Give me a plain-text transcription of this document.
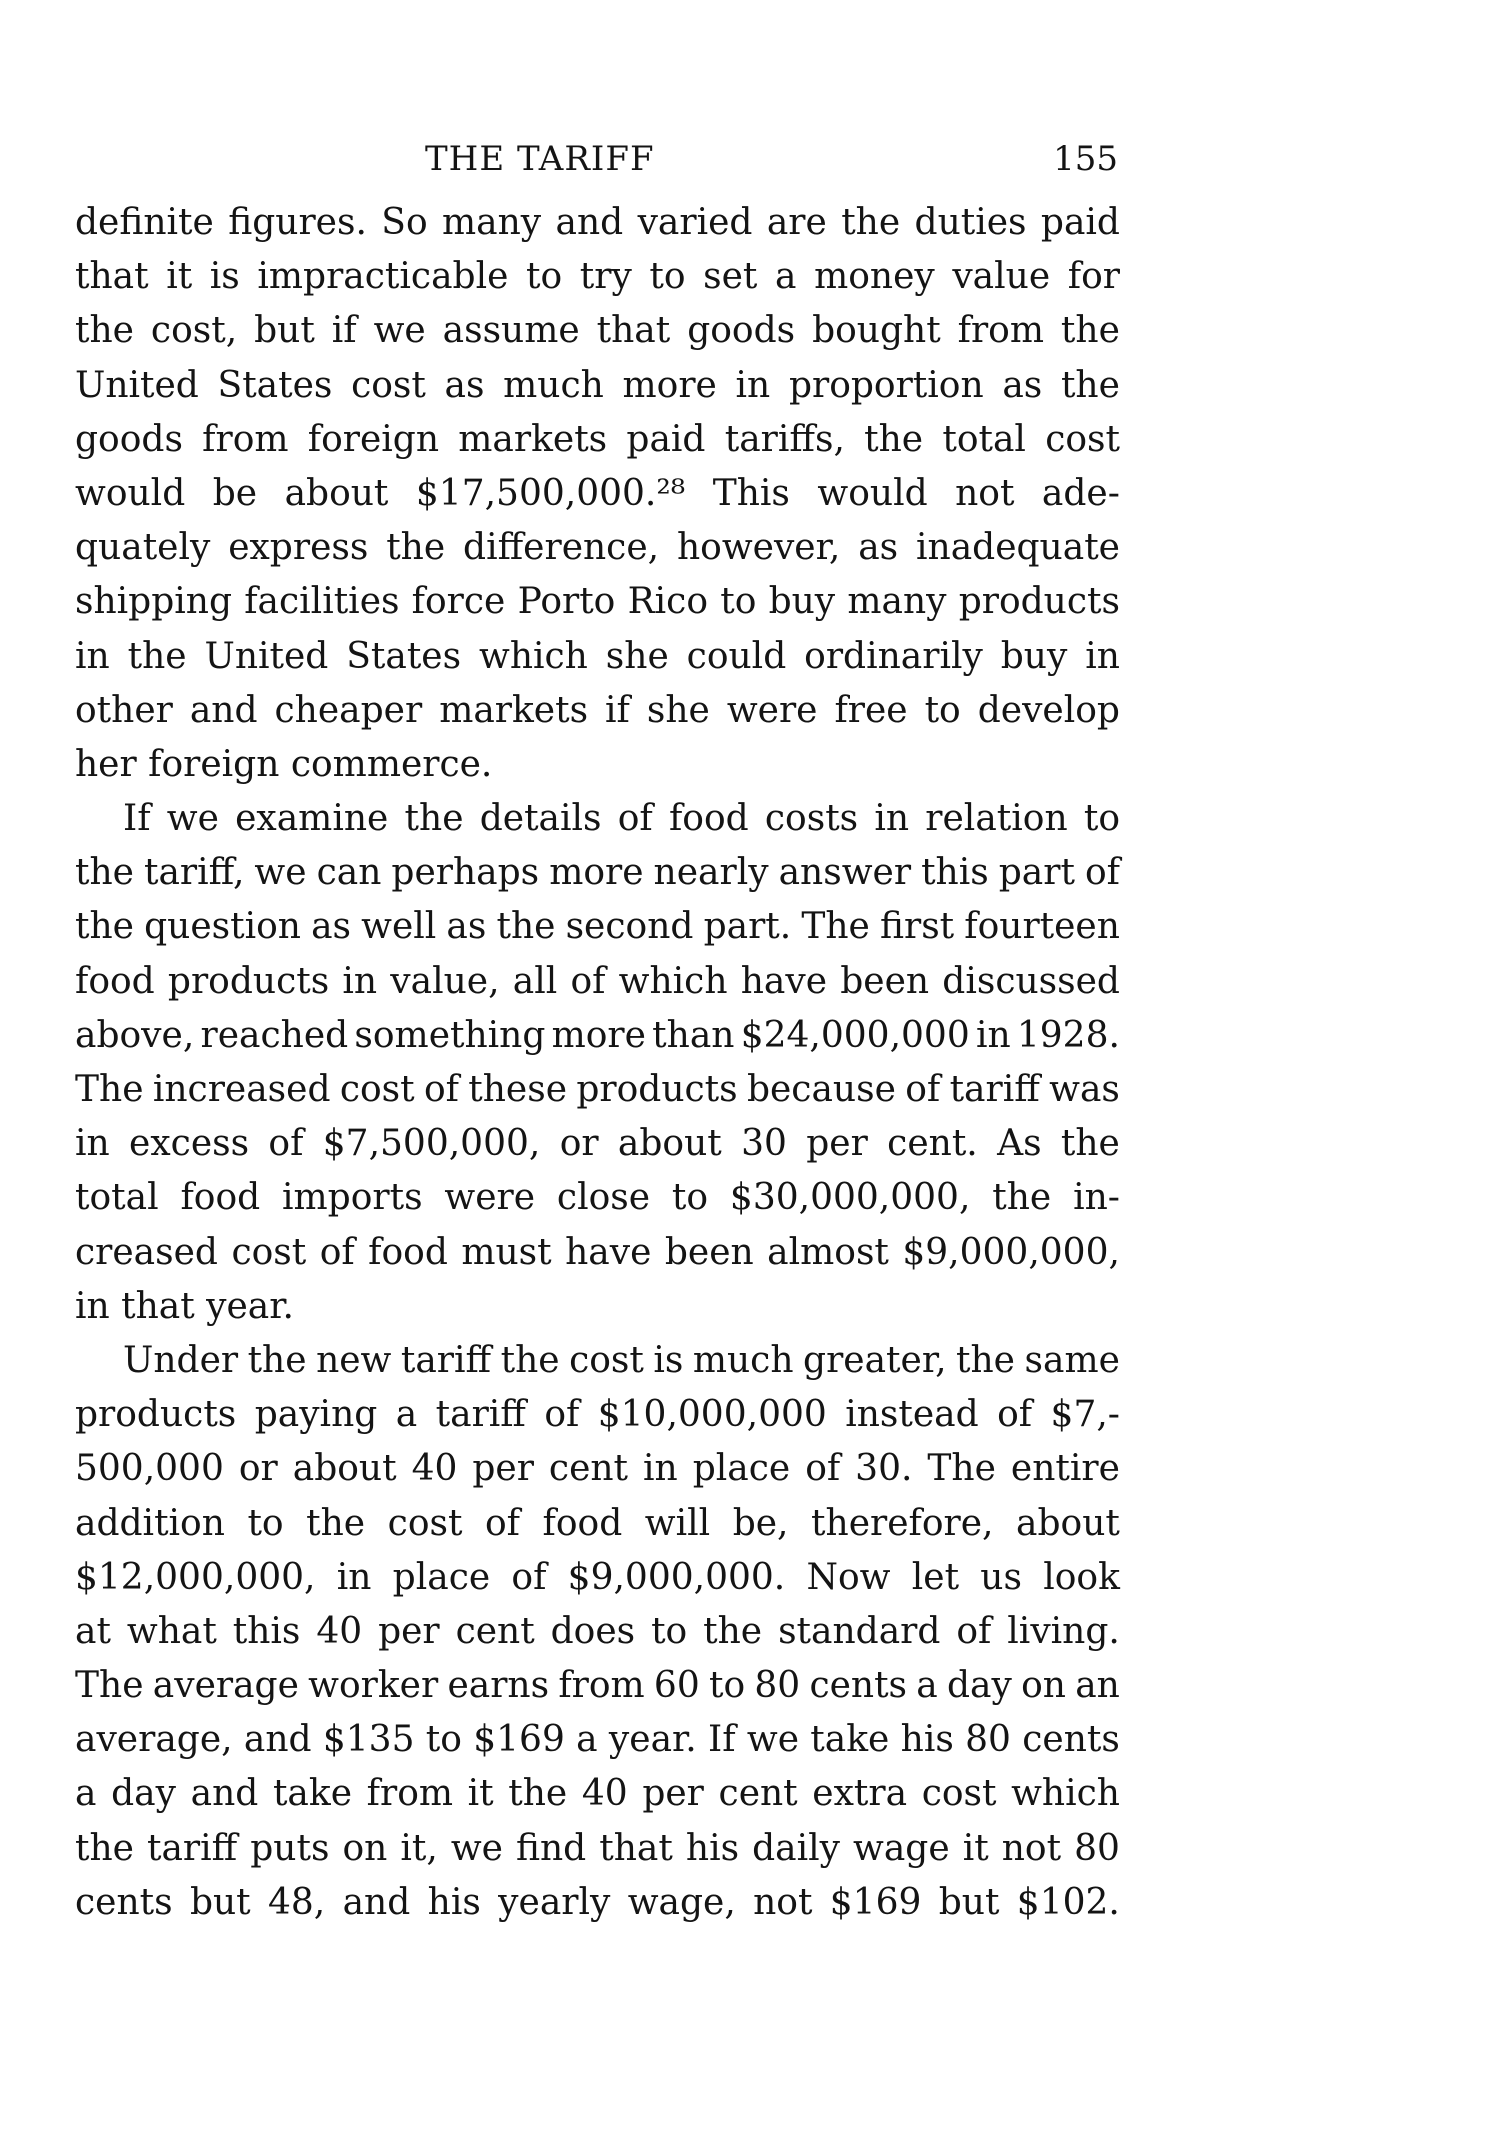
THE TARIFF	155
definite figures. So many and varied are the duties paid
that it is impracticable to try to set a money value for
the cost, but if we assume that goods bought from the
United States cost as much more in proportion as the
goods from foreign markets paid tariffs, the total cost
would be about $17,500,000.²⁸ This would not ade-
quately express the difference, however, as inadequate
shipping facilities force Porto Rico to buy many products
in the United States which she could ordinarily buy in
other and cheaper markets if she were free to develop
her foreign commerce.
If we examine the details of food costs in relation to
the tariff, we can perhaps more nearly answer this part of
the question as well as the second part. The first fourteen
food products in value, all of which have been discussed
above, reached something more than $24,000,000 in 1928.
The increased cost of these products because of tariff was
in excess of $7,500,000, or about 30 per cent. As the
total food imports were close to $30,000,000, the in-
creased cost of food must have been almost $9,000,000,
in that year.
Under the new tariff the cost is much greater, the same
products paying a tariff of $10,000,000 instead of $7,-
500,000 or about 40 per cent in place of 30. The entire
addition to the cost of food will be, therefore, about
$12,000,000, in place of $9,000,000. Now let us look
at what this 40 per cent does to the standard of living.
The average worker earns from 60 to 80 cents a day on an
average, and $135 to $169 a year. If we take his 80 cents
a day and take from it the 40 per cent extra cost which
the tariff puts on it, we find that his daily wage it not 80
cents but 48, and his yearly wage, not $169 but $102.
